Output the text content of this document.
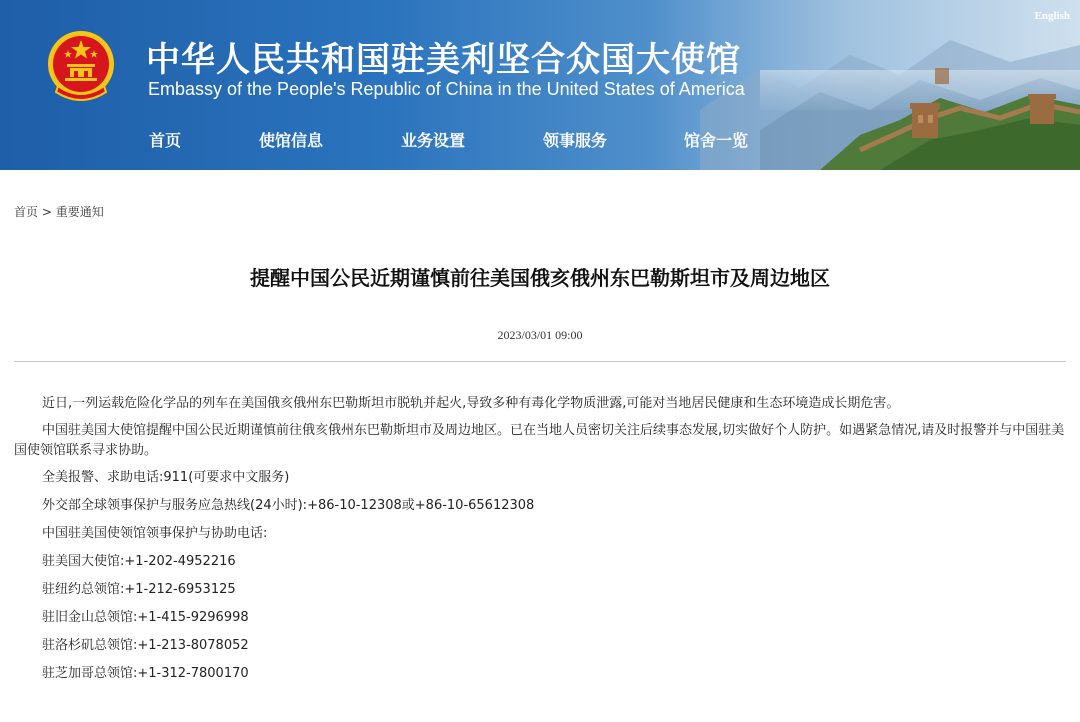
中华人民共和国驻美利坚合众国大使馆
Embassy of the People's Republic of China in the United States of America
English
首页	使馆信息	业务设置	领事服务	馆舍一览
首页 > 重要通知
提醒中国公民近期谨慎前往美国俄亥俄州东巴勒斯坦市及周边地区
2023/03/01 09:00

近日,一列运载危险化学品的列车在美国俄亥俄州东巴勒斯坦市脱轨并起火,导致多种有毒化学物质泄露,可能对当地居民健康和生态环境造成长期危害。

中国驻美国大使馆提醒中国公民近期谨慎前往俄亥俄州东巴勒斯坦市及周边地区。已在当地人员密切关注后续事态发展,切实做好个人防护。如遇紧急情况,请及时报警并与中国驻美国使领馆联系寻求协助。

全美报警、求助电话:911(可要求中文服务)

外交部全球领事保护与服务应急热线(24小时):+86-10-12308或+86-10-65612308

中国驻美国使领馆领事保护与协助电话:

驻美国大使馆:+1-202-4952216

驻纽约总领馆:+1-212-6953125

驻旧金山总领馆:+1-415-9296998

驻洛杉矶总领馆:+1-213-8078052

驻芝加哥总领馆:+1-312-7800170
